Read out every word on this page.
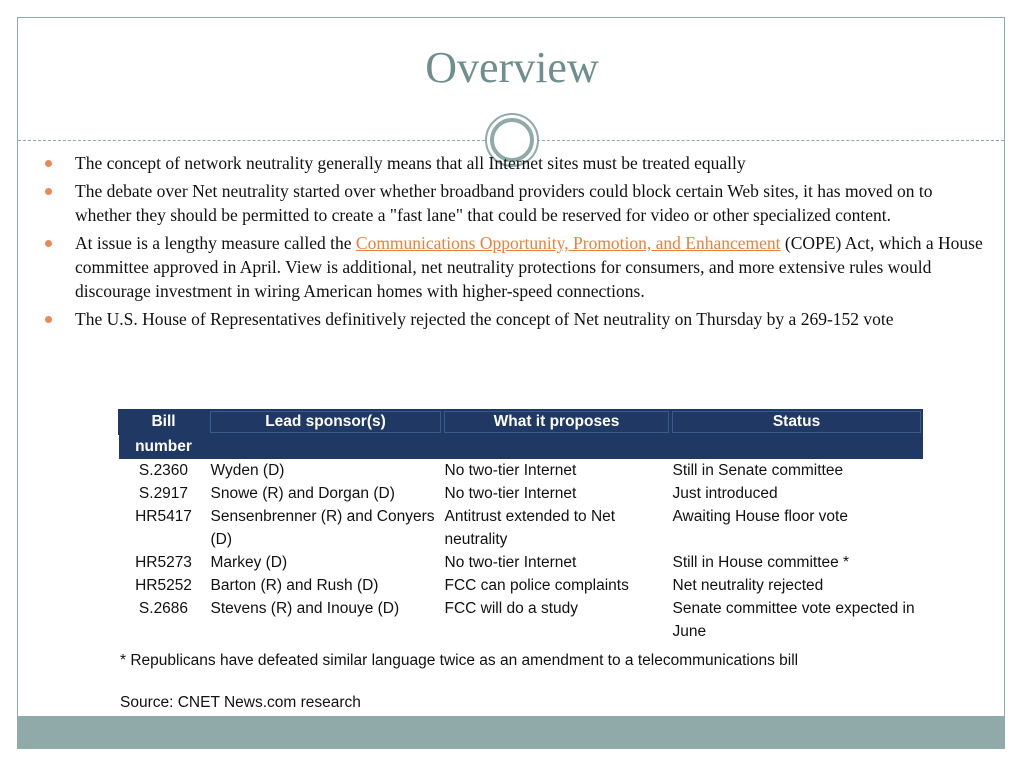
Overview
The concept of network neutrality generally means that all Internet sites must be treated equally
The debate over Net neutrality started over whether broadband providers could block certain Web sites, it has moved on to whether they should be permitted to create a "fast lane" that could be reserved for video or other specialized content.
At issue is a lengthy measure called the Communications Opportunity, Promotion, and Enhancement (COPE) Act, which a House committee approved in April. View is additional, net neutrality protections for consumers, and more extensive rules would discourage investment in wiring American homes with higher-speed connections.
The U.S. House of Representatives definitively rejected the concept of Net neutrality on Thursday by a 269-152 vote
Bill	Lead sponsor(s)	What it proposes	Status

number			
S.2360	Wyden (D)	No two-tier Internet	Still in Senate committee
S.2917	Snowe (R) and Dorgan (D)	No two-tier Internet	Just introduced
HR5417	Sensenbrenner (R) and Conyers (D)	Antitrust extended to Net neutrality	Awaiting House floor vote
HR5273	Markey (D)	No two-tier Internet	Still in House committee *
HR5252	Barton (R) and Rush (D)	FCC can police complaints	Net neutrality rejected
S.2686	Stevens (R) and Inouye (D)	FCC will do a study	Senate committee vote expected in June
* Republicans have defeated similar language twice as an amendment to a telecommunications bill
Source: CNET News.com research
